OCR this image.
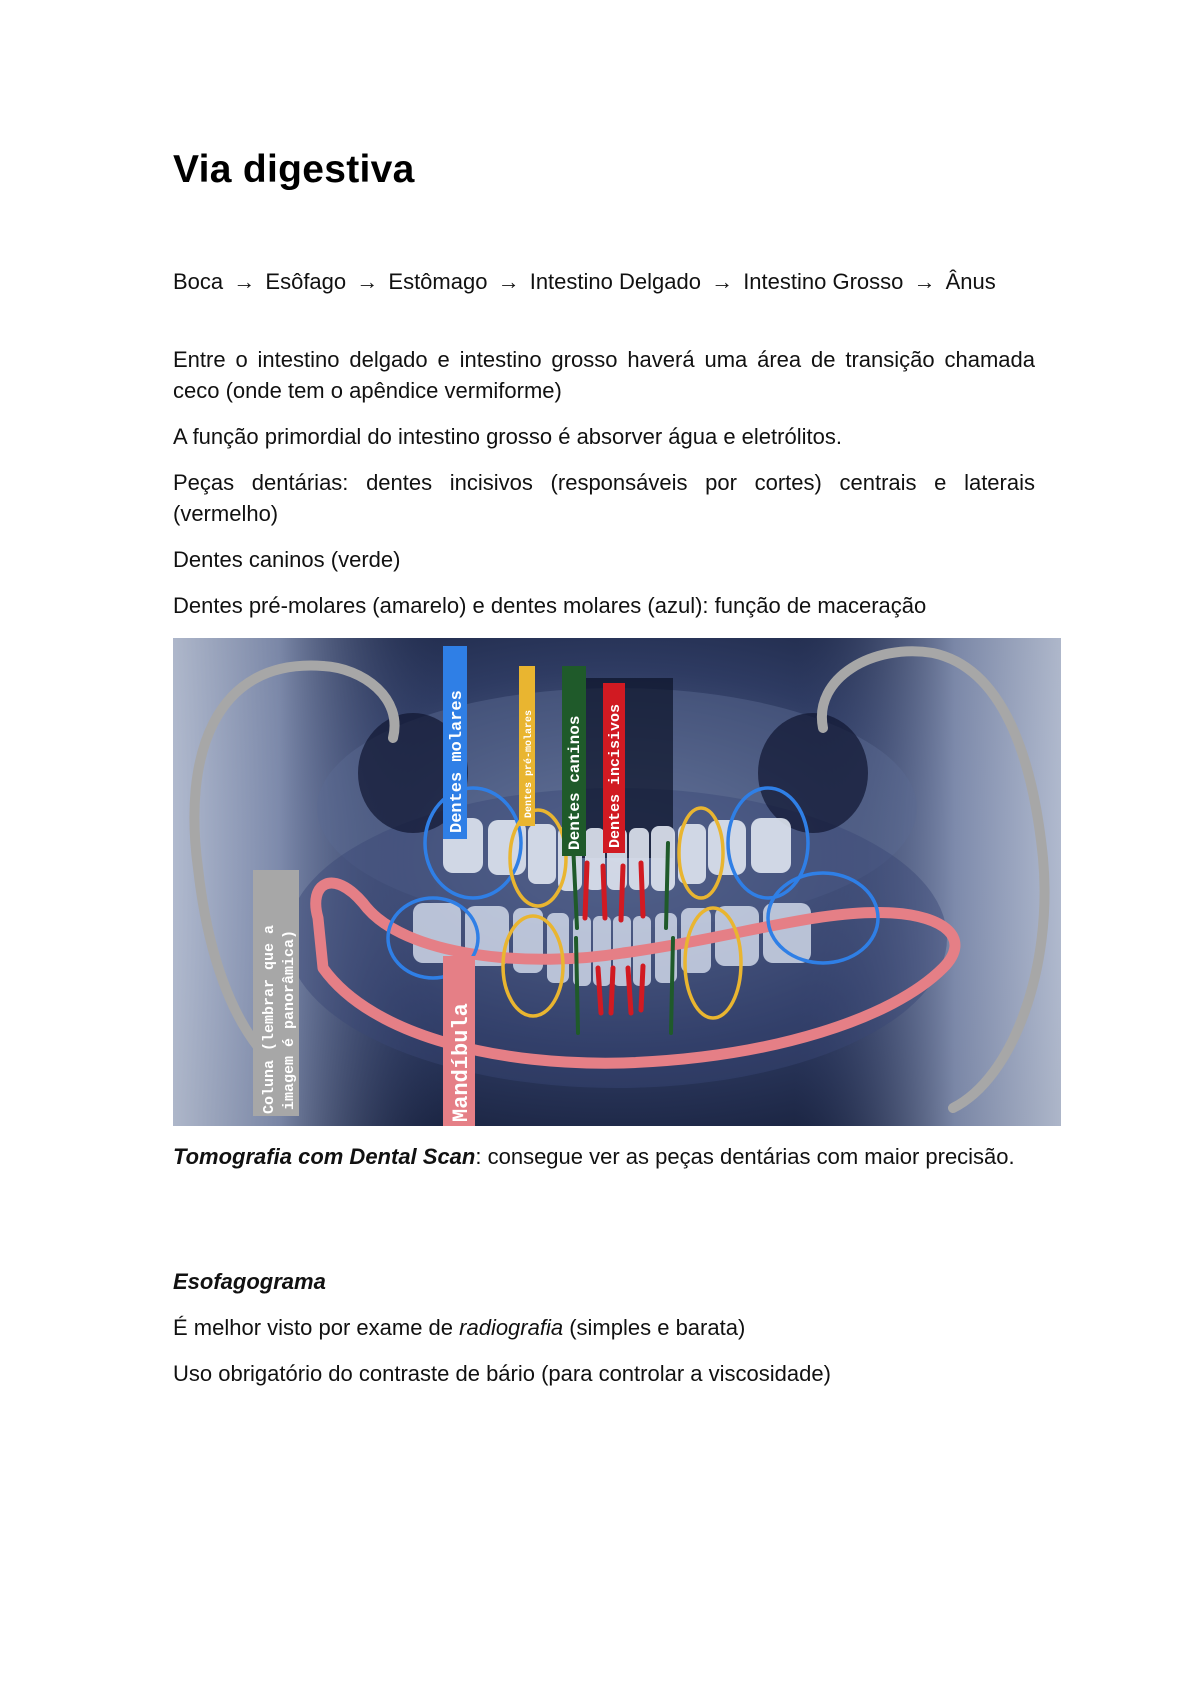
Via digestiva

Boca → Esôfago → Estômago → Intestino Delgado → Intestino Grosso → Ânus

Entre o intestino delgado e intestino grosso haverá uma área de transição chamada ceco (onde tem o apêndice vermiforme)

A função primordial do intestino grosso é absorver água e eletrólitos.

Peças dentárias: dentes incisivos (responsáveis por cortes) centrais e laterais (vermelho)

Dentes caninos (verde)

Dentes pré-molares (amarelo) e dentes molares (azul): função de maceração

Dentes molares	Dentes pré-molares Dentes caninos Dentes incisivos
Mandíbula
Coluna (lembrar que a imagem é panorâmica)

Tomografia com Dental Scan: consegue ver as peças dentárias com maior precisão.

Esofagograma

É melhor visto por exame de radiografia (simples e barata)

Uso obrigatório do contraste de bário (para controlar a viscosidade)
